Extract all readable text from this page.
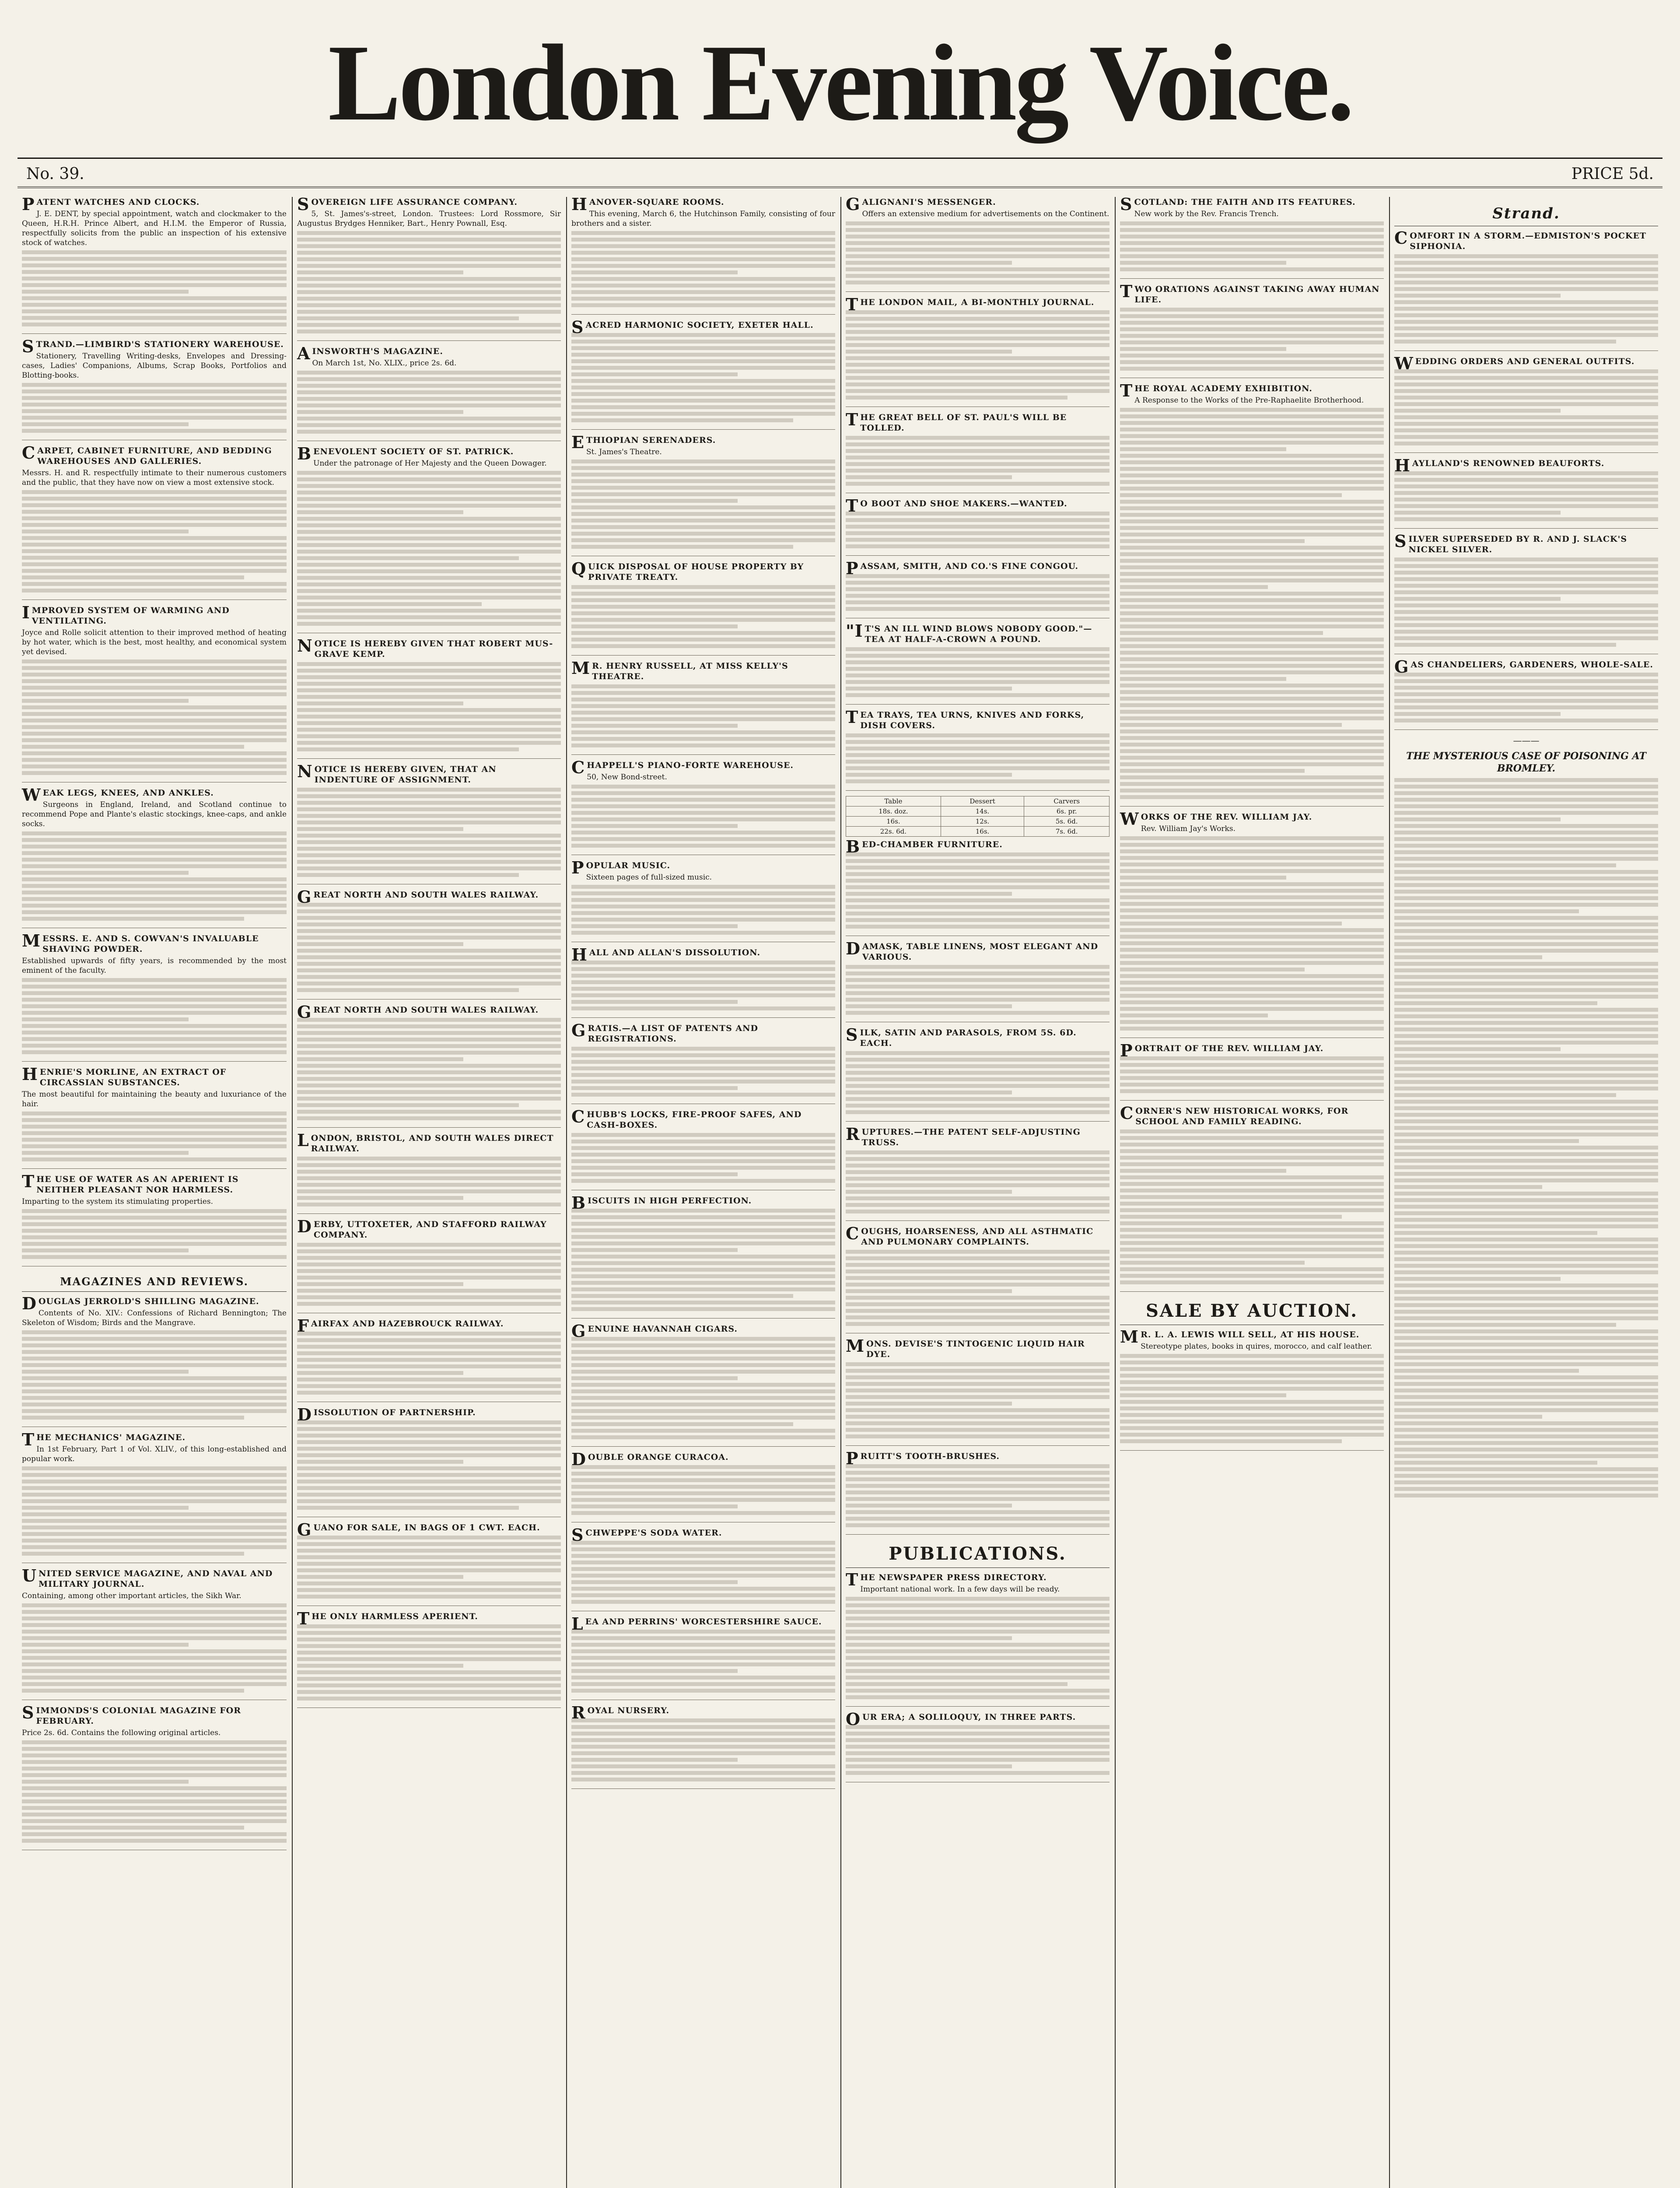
London Evening Voice.
No. 39.	PRICE 5d.
PATENT WATCHES AND CLOCKS.
J. E. DENT, by special appointment, watch and clockmaker to the Queen, H.R.H. Prince Albert, and H.I.M. the Emperor of Russia, respectfully solicits from the public an inspection of his extensive stock of watches.
STRAND.—LIMBIRD'S STATIONERY WAREHOUSE.
Stationery, Travelling Writing-desks, Envelopes and Dressing-cases, Ladies' Companions, Albums, Scrap Books, Portfolios and Blotting-books.
CARPET, CABINET FURNITURE, AND BEDDING WAREHOUSES AND GALLERIES.
Messrs. H. and R. respectfully intimate to their numerous customers and the public, that they have now on view a most extensive stock.
IMPROVED SYSTEM OF WARMING AND VENTILATING.
Joyce and Rolle solicit attention to their improved method of heating by hot water, which is the best, most healthy, and economical system yet devised.
WEAK LEGS, KNEES, AND ANKLES.
Surgeons in England, Ireland, and Scotland continue to recommend Pope and Plante's elastic stockings, knee-caps, and ankle socks.
MESSRS. E. AND S. COWVAN'S INVALUABLE SHAVING POWDER.
Established upwards of fifty years, is recommended by the most eminent of the faculty.
HENRIE'S MORLINE, AN EXTRACT OF CIRCASSIAN SUBSTANCES.
The most beautiful for maintaining the beauty and luxuriance of the hair.
THE USE OF WATER AS AN APERIENT IS NEITHER PLEASANT NOR HARMLESS.
Imparting to the system its stimulating properties.
MAGAZINES AND REVIEWS.
DOUGLAS JERROLD'S SHILLING MAGAZINE.
Contents of No. XIV.: Confessions of Richard Bennington; The Skeleton of Wisdom; Birds and the Mangrave.
THE MECHANICS' MAGAZINE.
In 1st February, Part 1 of Vol. XLIV., of this long-established and popular work.
UNITED SERVICE MAGAZINE, AND NAVAL AND MILITARY JOURNAL.
Containing, among other important articles, the Sikh War.
SIMMONDS'S COLONIAL MAGAZINE FOR FEBRUARY.
Price 2s. 6d. Contains the following original articles.
SOVEREIGN LIFE ASSURANCE COMPANY.
5, St. James's-street, London. Trustees: Lord Rossmore, Sir Augustus Brydges Henniker, Bart., Henry Pownall, Esq.
AINSWORTH'S MAGAZINE.
On March 1st, No. XLIX., price 2s. 6d.
BENEVOLENT SOCIETY OF ST. PATRICK.
Under the patronage of Her Majesty and the Queen Dowager.
NOTICE IS HEREBY GIVEN THAT ROBERT MUS-GRAVE KEMP.
NOTICE IS HEREBY GIVEN, THAT AN INDENTURE OF ASSIGNMENT.
GREAT NORTH AND SOUTH WALES RAILWAY.
GREAT NORTH AND SOUTH WALES RAILWAY.
LONDON, BRISTOL, AND SOUTH WALES DIRECT RAILWAY.
DERBY, UTTOXETER, AND STAFFORD RAILWAY COMPANY.
FAIRFAX AND HAZEBROUCK RAILWAY.
DISSOLUTION OF PARTNERSHIP.
GUANO FOR SALE, IN BAGS OF 1 CWT. EACH.
THE ONLY HARMLESS APERIENT.
HANOVER-SQUARE ROOMS.
This evening, March 6, the Hutchinson Family, consisting of four brothers and a sister.
SACRED HARMONIC SOCIETY, EXETER HALL.
ETHIOPIAN SERENADERS.
St. James's Theatre.
QUICK DISPOSAL OF HOUSE PROPERTY BY PRIVATE TREATY.
MR. HENRY RUSSELL, AT MISS KELLY'S THEATRE.
CHAPPELL'S PIANO-FORTE WAREHOUSE.
50, New Bond-street.
POPULAR MUSIC.
Sixteen pages of full-sized music.
HALL AND ALLAN'S DISSOLUTION.
GRATIS.—A LIST OF PATENTS AND REGISTRATIONS.
CHUBB'S LOCKS, FIRE-PROOF SAFES, AND CASH-BOXES.
BISCUITS IN HIGH PERFECTION.
GENUINE HAVANNAH CIGARS.
DOUBLE ORANGE CURACOA.
SCHWEPPE'S SODA WATER.
LEA AND PERRINS' WORCESTERSHIRE SAUCE.
ROYAL NURSERY.
GALIGNANI'S MESSENGER.
Offers an extensive medium for advertisements on the Continent.
THE LONDON MAIL, A BI-MONTHLY JOURNAL.
THE GREAT BELL OF ST. PAUL'S WILL BE TOLLED.
TO BOOT AND SHOE MAKERS.—WANTED.
PASSAM, SMITH, AND CO.'S FINE CONGOU.
"IT'S AN ILL WIND BLOWS NOBODY GOOD."—TEA AT HALF-A-CROWN A POUND.
TEA TRAYS, TEA URNS, KNIVES AND FORKS, DISH COVERS.
Table	Dessert	Carvers
18s. doz.	14s.	6s. pr.
16s.	12s.	5s. 6d.
22s. 6d.	16s.	7s. 6d.
BED-CHAMBER FURNITURE.
DAMASK, TABLE LINENS, MOST ELEGANT AND VARIOUS.
SILK, SATIN AND PARASOLS, FROM 5S. 6D. EACH.
RUPTURES.—THE PATENT SELF-ADJUSTING TRUSS.
COUGHS, HOARSENESS, AND ALL ASTHMATIC AND PULMONARY COMPLAINTS.
MONS. DEVISE'S TINTOGENIC LIQUID HAIR DYE.
PRUITT'S TOOTH-BRUSHES.
PUBLICATIONS.
THE NEWSPAPER PRESS DIRECTORY.
Important national work. In a few days will be ready.
OUR ERA; A SOLILOQUY, IN THREE PARTS.
SCOTLAND: THE FAITH AND ITS FEATURES.
New work by the Rev. Francis Trench.
TWO ORATIONS AGAINST TAKING AWAY HUMAN LIFE.
THE ROYAL ACADEMY EXHIBITION.
A Response to the Works of the Pre-Raphaelite Brotherhood.
WORKS OF THE REV. WILLIAM JAY.
Rev. William Jay's Works.
PORTRAIT OF THE REV. WILLIAM JAY.
CORNER'S NEW HISTORICAL WORKS, FOR SCHOOL AND FAMILY READING.
SALE BY AUCTION.
MR. L. A. LEWIS WILL SELL, AT HIS HOUSE.
Stereotype plates, books in quires, morocco, and calf leather.
Strand.
COMFORT IN A STORM.—EDMISTON'S POCKET SIPHONIA.
WEDDING ORDERS AND GENERAL OUTFITS.
HAYLLAND'S RENOWNED BEAUFORTS.
SILVER SUPERSEDED BY R. AND J. SLACK'S NICKEL SILVER.
GAS CHANDELIERS, GARDENERS, WHOLE-SALE.
———
THE MYSTERIOUS CASE OF POISONING AT BROMLEY.
